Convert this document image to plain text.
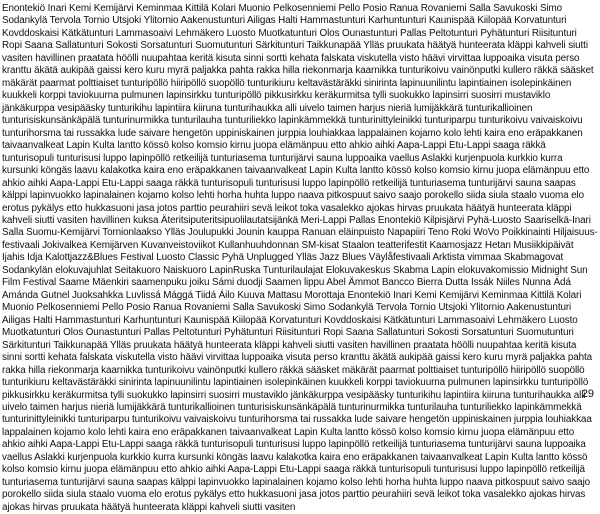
Enontekiö Inari Kemi Kemijärvi Keminmaa Kittilä Kolari Muonio Pelkosenniemi Pello Posio Ranua Rovaniemi Salla Savukoski Simo Sodankylä Tervola Tornio Utsjoki Ylitornio Aakenustunturi Ailigas Halti Hammastunturi Karhuntunturi Kaunispää Kiilopää Korvatunturi Kovddoskaisi Kätkätunturi Lammasoaivi Lehmäkero Luosto Muotkatunturi Olos Ounastunturi Pallas Peltotunturi Pyhätunturi Riisitunturi Ropi Saana Sallatunturi Sokosti Sorsatunturi Suomutunturi Särkitunturi Taikkunapää Ylläs pruukata häätyä hunteerata kläppi kahveli siutti vasiten havillinen praatata höölli nuupahtaa keritä kisuta sinni sortti kehata falskata viskutella visto häävi virvittaa luppoaika visuta perso kranttu äkätä aukipää gaissi kero kuru myrä paljakka pahta rakka hilla riekonmarja kaarnikka tunturikoivu vainönputki kullero räkkä sääsket mäkärät paarmat polttiaiset tunturipöllö hiiripöllö suopöllö tunturikiuru keltavästäräkki sinirinta lapinuunilintu lapintiainen isolepinkäinen kuukkeli korppi taviokuurna pulmunen lapinsirkku tunturipöllö pikkusirkku keräkurmitsa tylli suokukko lapinsirri suosirri mustaviklo jänkäkurppa vesipääsky tunturikihu lapintiira kiiruna tunturihaukka alli uivelo taimen harjus nieriä lumijäkkärä tunturikallioinen tunturisiskunsänkäpälä tunturinurmikka tunturilauha tunturiliekko lapinkämmekkä tunturinittyleinikki tunturiparpu tunturikoivu vaivaiskoivu tunturihorsma tai russakka lude saivare hengetön uppiniskainen jurppia louhiakkaa lappalainen kojamo kolo lehti kaira eno eräpakkanen taivaanvalkeat Lapin Kulta lantto kössö kolso komsio kirnu juopa elämänpuu etto ahkio aihki Aapa-Lappi Etu-Lappi saaga räkkä tunturisopuli tunturisusi luppo lapinpöllö retkeilijä tunturiasema tunturijärvi sauna luppoaika vaellus Aslakki kurjenpuola kurkkio kurra kursunki köngäs laavu kalakotka kaira eno eräpakkanen taivaanvalkeat Lapin Kulta lantto kössö kolso komsio kirnu juopa elämänpuu etto ahkio aihki Aapa-Lappi Etu-Lappi saaga räkkä tunturisopuli tunturisusi luppo lapinpöllö retkeilijä tunturiasema tunturijärvi sauna saapas kälppi lapinvuokko lapinalainen kojamo kolso lehti horha huhta luppo naava pitkospuut saivo saajo porokello siida siula staalo vuoma elo erotus pykälys etto hukkasuoni jasa jotos parttio peurahiiri sevä leikot toka vasalekko ajokas hirvas pruukata häätyä hunteerata kläppi kahveli siutti vasiten havillinen kuksa Äteritsiputeritsipuolilautatsijänkä Meri-Lappi Pallas Enontekiö Kilpisjärvi Pyhä-Luosto Saariselkä-Inari Salla Suomu-Kemijärvi Tornionlaakso Ylläs Joulupukki Jounin kauppa Ranuan eläinpuisto Napapiiri Teno Roki WoVo Poikkinainti Hiljaisuus-festivaali Jokivalkea Kemijärven Kuvanveistoviikot Kullanhuuhdonnan SM-kisat Staalon teatterifestit Kaamosjazz Hetan Musiikkipäivät Ijahis Idja Kalottjazz&Blues Festival Luosto Classic Pyhä Unplugged Ylläs Jazz Blues Väylåfestivaali Arktista vimmaa Skabmagovat Sodankylän elokuvajuhlat Seitakuoro Naiskuoro LapinRuska Tunturilaulajat Elokuvakeskus Skabma Lapin elokuvakomissio Midnight Sun Film Festival Saame Mäenkiri saamenpuku joiku Sámi duodji Saamen lippu Abel Ämmot Bancco Bierra Dutta Issák Niiles Nunna Ádá Amánda Gutnel Juoksahkka Luvlissá Mággá Tiidá Áilo Kuuva Mattasu Morottaja Enontekiö Inari Kemi Kemijärvi Keminmaa Kittilä Kolari Muonio Pelkosenniemi Pello Posio Ranua Rovaniemi Salla Savukoski Simo Sodankylä Tervola Tornio Utsjoki Ylitornio Aakenustunturi Ailigas Halti Hammastunturi Karhuntunturi Kaunispää Kiilopää Korvatunturi Kovddoskaisi Kätkätunturi Lammasoaivi Lehmäkero Luosto Muotkatunturi Olos Ounastunturi Pallas Peltotunturi Pyhätunturi Riisitunturi Ropi Saana Sallatunturi Sokosti Sorsatunturi Suomutunturi Särkitunturi Taikkunapää Ylläs pruukata häätyä hunteerata kläppi kahveli siutti vasiten havillinen praatata höölli nuupahtaa keritä kisuta sinni sortti kehata falskata viskutella visto häävi virvittaa luppoaika visuta perso kranttu äkätä aukipää gaissi kero kuru myrä paljakka pahta rakka hilla riekonmarja kaarnikka tunturikoivu vainönputki kullero räkkä sääsket mäkärät paarmat polttiaiset tunturipöllö hiiripöllö suopöllö tunturikiuru keltavästäräkki sinirinta lapinuunilintu lapintiainen isolepinkäinen kuukkeli korppi taviokuurna pulmunen lapinsirkku tunturipöllö pikkusirkku keräkurmitsa tylli suokukko lapinsirri suosirri mustaviklo jänkäkurppa vesipääsky tunturikihu lapintiira kiiruna tunturihaukka alli uivelo taimen harjus nieriä lumijäkkärä tunturikallioinen tunturisiskunsänkäpälä tunturinurmikka tunturilauha tunturiliekko lapinkämmekkä tunturinittyleinikki tunturiparpu tunturikoivu vaivaiskoivu tunturihorsma tai russakka lude saivare hengetön uppiniskainen jurppia louhiakkaa lappalainen kojamo kolo lehti kaira eno eräpakkanen taivaanvalkeat Lapin Kulta lantto kössö kolso komsio kirnu juopa elämänpuu etto ahkio aihki Aapa-Lappi Etu-Lappi saaga räkkä tunturisopuli tunturisusi luppo lapinpöllö retkeilijä tunturiasema tunturijärvi sauna luppoaika vaellus Aslakki kurjenpuola kurkkio kurra kursunki köngäs laavu kalakotka kaira eno eräpakkanen taivaanvalkeat Lapin Kulta lantto kössö kolso komsio kirnu juopa elämänpuu etto ahkio aihki Aapa-Lappi Etu-Lappi saaga räkkä tunturisopuli tunturisusi luppo lapinpöllö retkeilijä tunturiasema tunturijärvi sauna saapas kälppi lapinvuokko lapinalainen kojamo kolso lehti horha huhta luppo naava pitkospuut saivo saajo porokello siida siula staalo vuoma elo erotus pykälys etto hukkasuoni jasa jotos parttio peurahiiri sevä leikot toka vasalekko ajokas hirvas ajokas hirvas pruukata häätyä hunteerata kläppi kahveli siutti vasiten

29
